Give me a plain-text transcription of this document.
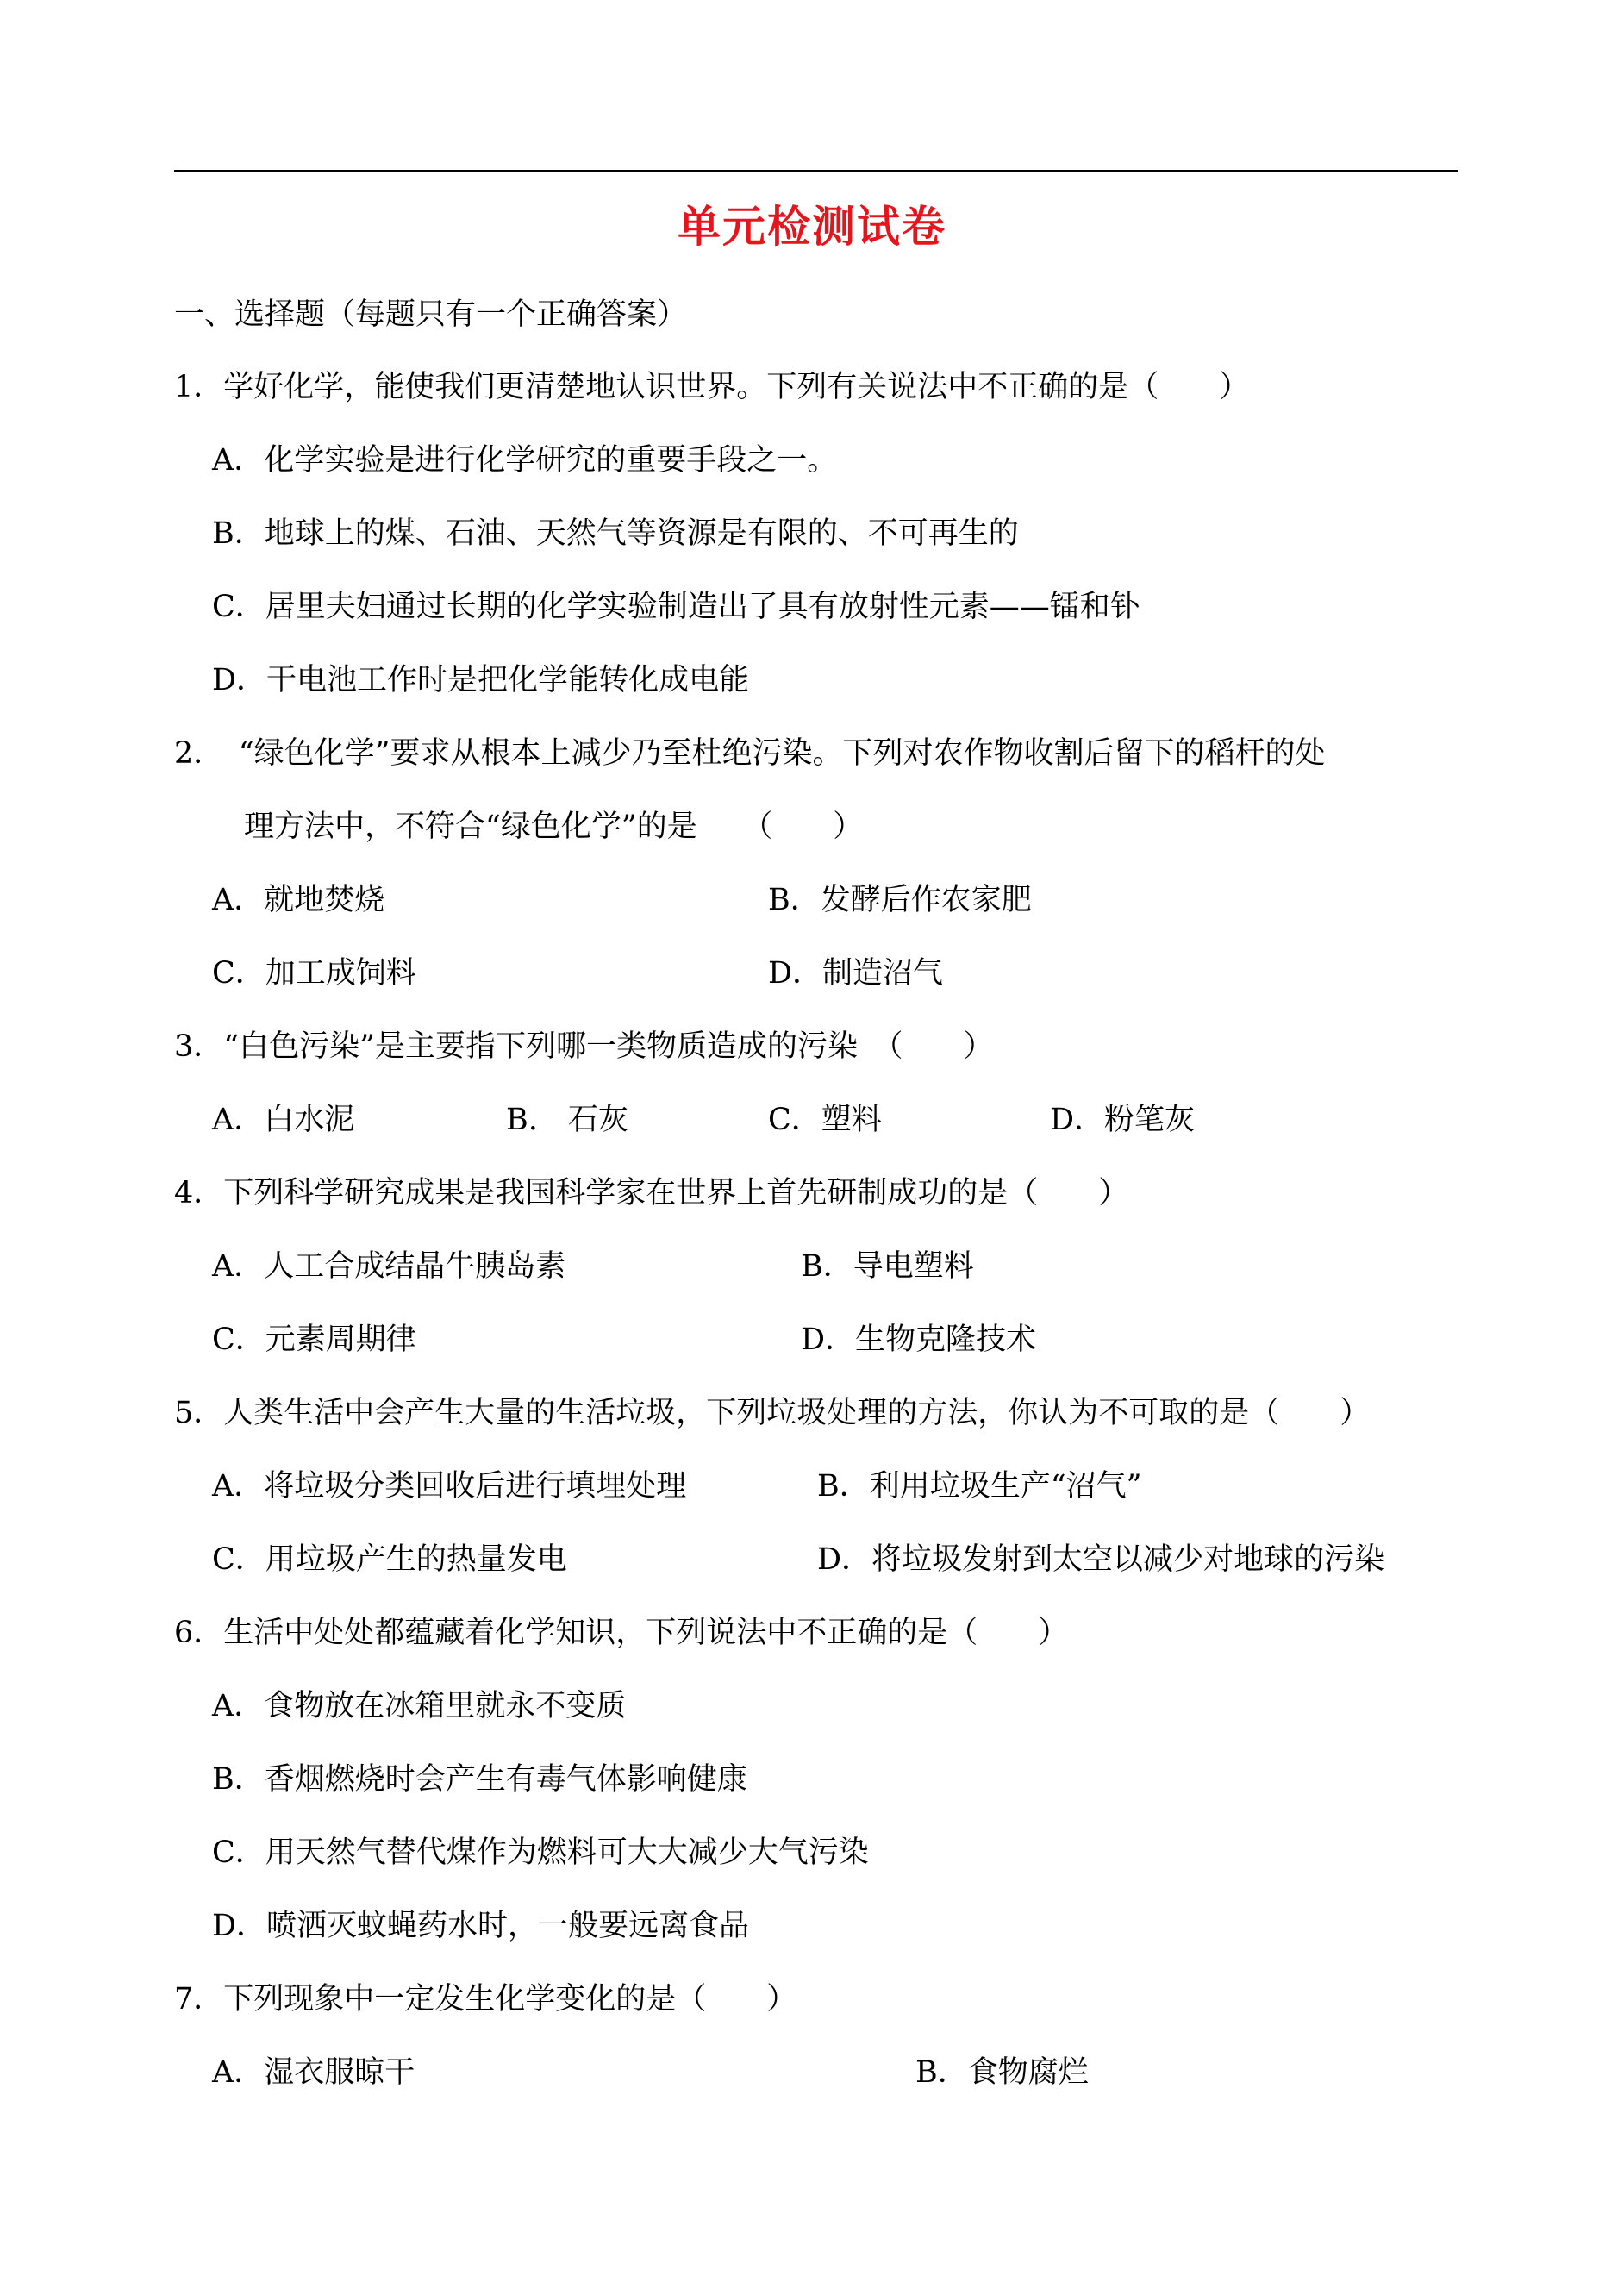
单元检测试卷
一、选择题（每题只有一个正确答案）
1．学好化学，能使我们更清楚地认识世界。下列有关说法中不正确的是（　　）
A．化学实验是进行化学研究的重要手段之一。
B．地球上的煤、石油、天然气等资源是有限的、不可再生的
C．居里夫妇通过长期的化学实验制造出了具有放射性元素——镭和钋
D．干电池工作时是把化学能转化成电能
2．　“绿色化学”要求从根本上减少乃至杜绝污染。下列对农作物收割后留下的稻杆的处
理方法中，不符合“绿色化学”的是　　（　　）
A．就地焚烧	B．发酵后作农家肥
C．加工成饲料	D．制造沼气
3．“白色污染”是主要指下列哪一类物质造成的污染　（　　）
A．白水泥	B.　石灰	C．塑料	D．粉笔灰
4．下列科学研究成果是我国科学家在世界上首先研制成功的是（　　）
A．人工合成结晶牛胰岛素	B．导电塑料
C．元素周期律	D．生物克隆技术
5．人类生活中会产生大量的生活垃圾，下列垃圾处理的方法，你认为不可取的是（　　）
A．将垃圾分类回收后进行填埋处理	B．利用垃圾生产“沼气”
C．用垃圾产生的热量发电	D．将垃圾发射到太空以减少对地球的污染
6．生活中处处都蕴藏着化学知识，下列说法中不正确的是（　　）
A．食物放在冰箱里就永不变质
B．香烟燃烧时会产生有毒气体影响健康
C．用天然气替代煤作为燃料可大大减少大气污染
D．喷洒灭蚊蝇药水时，一般要远离食品
7．下列现象中一定发生化学变化的是（　　）
A．湿衣服晾干	B．食物腐烂
